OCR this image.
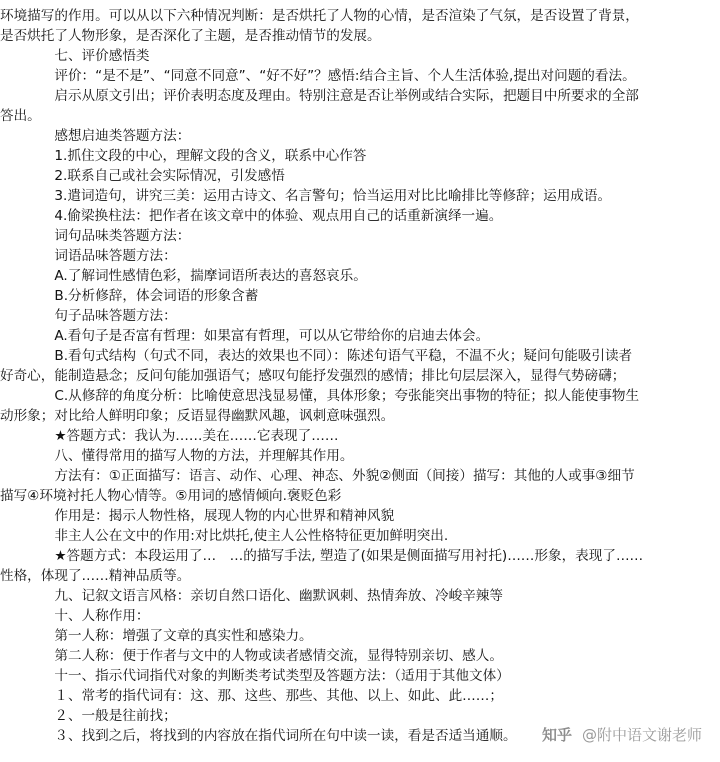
环境描写的作用。可以从以下六种情况判断：是否烘托了人物的心情，是否渲染了气氛，是否设置了背景，
是否烘托了人物形象，是否深化了主题，是否推动情节的发展。
　　　　七、评价感悟类
　　　　评价：“是不是”、“同意不同意”、“好不好”？感悟:结合主旨、个人生活体验,提出对问题的看法。
　　　　启示从原文引出；评价表明态度及理由。特别注意是否让举例或结合实际，把题目中所要求的全部
答出。
　　　　感想启迪类答题方法：
　　　　1.抓住文段的中心，理解文段的含义，联系中心作答
　　　　2.联系自己或社会实际情况，引发感悟
　　　　3.遣词造句，讲究三美：运用古诗文、名言警句；恰当运用对比比喻排比等修辞；运用成语。
　　　　4.偷梁换柱法：把作者在该文章中的体验、观点用自己的话重新演绎一遍。
　　　　词句品味类答题方法：
　　　　词语品味答题方法：
　　　　A.了解词性感情色彩，揣摩词语所表达的喜怒哀乐。
　　　　B.分析修辞，体会词语的形象含蓄
　　　　句子品味答题方法：
　　　　A.看句子是否富有哲理：如果富有哲理，可以从它带给你的启迪去体会。
　　　　B.看句式结构（句式不同，表达的效果也不同）：陈述句语气平稳，不温不火；疑问句能吸引读者
好奇心，能制造悬念；反问句能加强语气；感叹句能抒发强烈的感情；排比句层层深入，显得气势磅礴；
　　　　C.从修辞的角度分析：比喻使意思浅显易懂，具体形象；夸张能突出事物的特征；拟人能使事物生
动形象；对比给人鲜明印象；反语显得幽默风趣，讽刺意味强烈。
　　　　★答题方式：我认为……美在……它表现了……
　　　　八、懂得常用的描写人物的方法，并理解其作用。
　　　　方法有：①正面描写：语言、动作、心理、神态、外貌②侧面（间接）描写：其他的人或事③细节
描写④环境衬托人物心情等。⑤用词的感情倾向.褒贬色彩
　　　　作用是：揭示人物性格，展现人物的内心世界和精神风貌
　　　　非主人公在文中的作用:对比烘托,使主人公性格特征更加鲜明突出.
　　　　★答题方式：本段运用了…　…的描写手法, 塑造了(如果是侧面描写用衬托)……形象，表现了……
性格，体现了……精神品质等。
　　　　九、记叙文语言风格：亲切自然口语化、幽默讽刺、热情奔放、冷峻辛辣等
　　　　十、人称作用：
　　　　第一人称：增强了文章的真实性和感染力。
　　　　第二人称：便于作者与文中的人物或读者感情交流，显得特别亲切、感人。
　　　　十一、指示代词指代对象的判断类考试类型及答题方法：（适用于其他文体）
　　　　１、常考的指代词有：这、那、这些、那些、其他、以上、如此、此……；
　　　　２、一般是往前找；
　　　　３、找到之后，将找到的内容放在指代词所在句中读一读，看是否适当通顺。 知乎 @附中语文谢老师
